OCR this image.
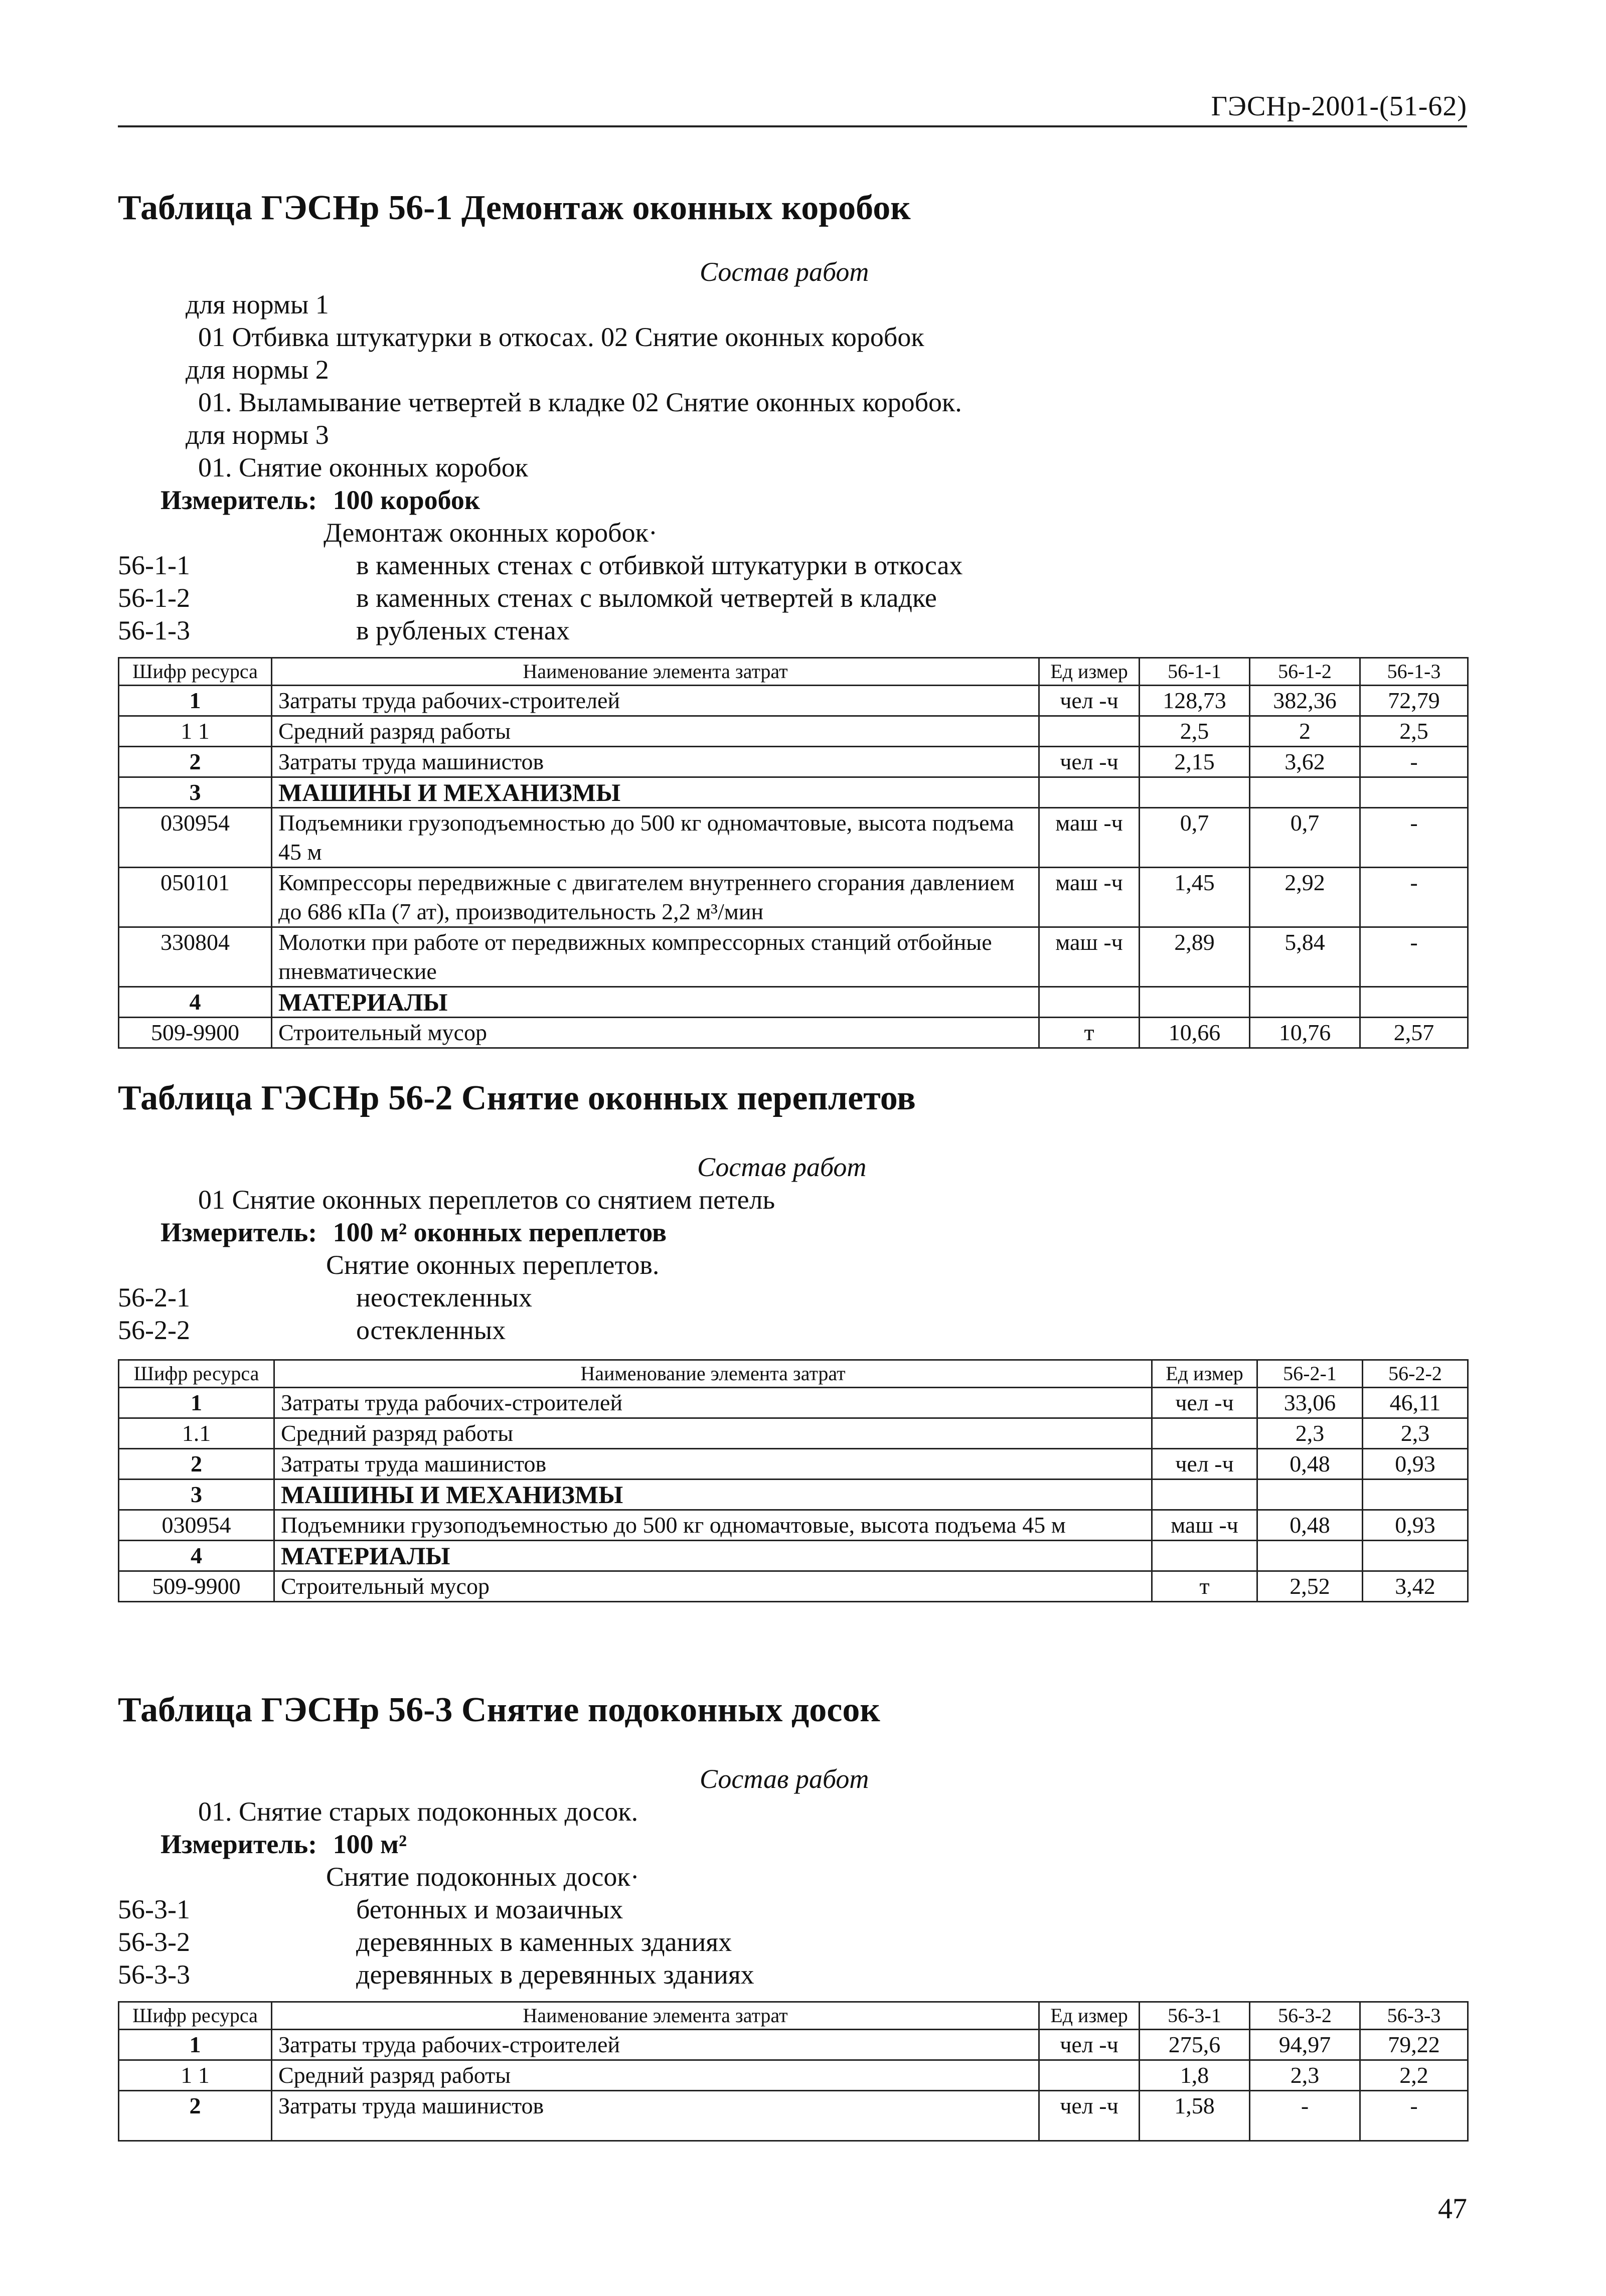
ГЭСНр-2001-(51-62)
Таблица ГЭСНр 56-1 Демонтаж оконных коробок
Состав работ
для нормы 1
01 Отбивка штукатурки в откосах. 02 Снятие оконных коробок
для нормы 2
01. Выламывание четвертей в кладке 02 Снятие оконных коробок.
для нормы 3
01. Снятие оконных коробок
Измеритель: 100 коробок
Демонтаж оконных коробок·
56-1-1	в каменных стенах с отбивкой штукатурки в откосах
56-1-2	в каменных стенах с выломкой четвертей в кладке
56-1-3	в рубленых стенах
Шифр ресурса	Наименование элемента затрат	Ед измер	56-1-1	56-1-2	56-1-3
1	Затраты труда рабочих-строителей	чел -ч	128,73	382,36	72,79
1 1	Средний разряд работы		2,5	2	2,5
2	Затраты труда машинистов	чел -ч	2,15	3,62	-
3	МАШИНЫ И МЕХАНИЗМЫ				
030954	Подъемники грузоподъемностью до 500 кг одномачтовые, высота подъема 45 м	маш -ч	0,7	0,7	-
050101	Компрессоры передвижные с двигателем внутреннего сгорания давлением до 686 кПа (7 ат), производительность 2,2 м³/мин	маш -ч	1,45	2,92	-
330804	Молотки при работе от передвижных компрессорных станций отбойные пневматические	маш -ч	2,89	5,84	-
4	МАТЕРИАЛЫ				
509-9900	Строительный мусор	т	10,66	10,76	2,57
Таблица ГЭСНр 56-2 Снятие оконных переплетов
Состав работ
01 Снятие оконных переплетов со снятием петель
Измеритель: 100 м² оконных переплетов
Снятие оконных переплетов.
56-2-1	неостекленных
56-2-2	остекленных
Шифр ресурса	Наименование элемента затрат	Ед измер	56-2-1	56-2-2
1	Затраты труда рабочих-строителей	чел -ч	33,06	46,11
1.1	Средний разряд работы		2,3	2,3
2	Затраты труда машинистов	чел -ч	0,48	0,93
3	МАШИНЫ И МЕХАНИЗМЫ			
030954	Подъемники грузоподъемностью до 500 кг одномачтовые, высота подъема 45 м	маш -ч	0,48	0,93
4	МАТЕРИАЛЫ			
509-9900	Строительный мусор	т	2,52	3,42
Таблица ГЭСНр 56-3 Снятие подоконных досок
Состав работ
01. Снятие старых подоконных досок.
Измеритель: 100 м²
Снятие подоконных досок·
56-3-1	бетонных и мозаичных
56-3-2	деревянных в каменных зданиях
56-3-3	деревянных в деревянных зданиях
Шифр ресурса	Наименование элемента затрат	Ед измер	56-3-1	56-3-2	56-3-3
1	Затраты труда рабочих-строителей	чел -ч	275,6	94,97	79,22
1 1	Средний разряд работы		1,8	2,3	2,2
2	Затраты труда машинистов	чел -ч	1,58	-	-
47
